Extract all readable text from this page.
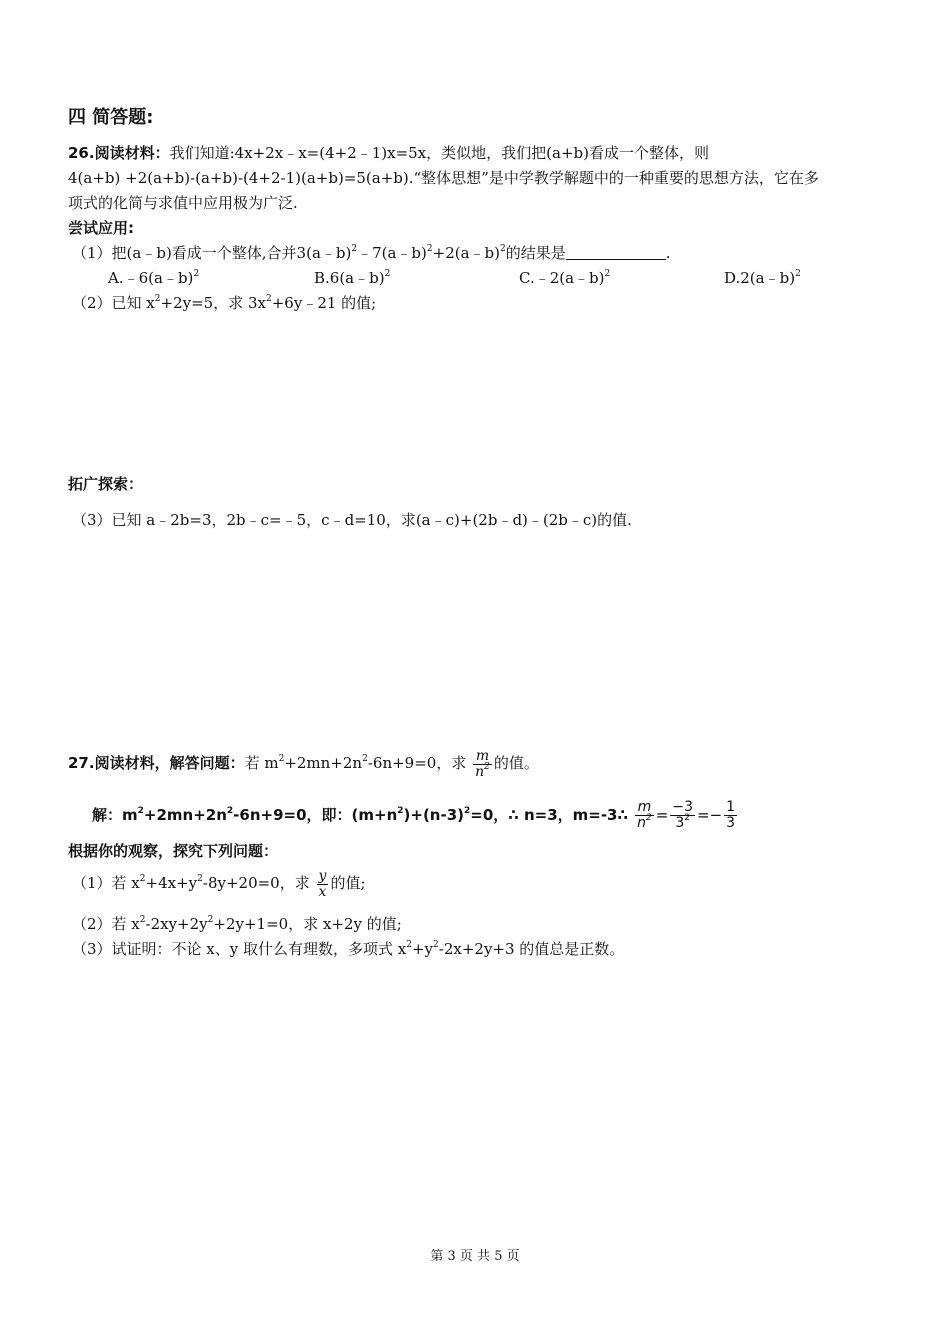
四 简答题:
26.阅读材料：我们知道:4x+2x﹣x=(4+2﹣1)x=5x，类似地，我们把(a+b)看成一个整体，则
4(a+b) +2(a+b)-(a+b)-(4+2-1)(a+b)=5(a+b).“整体思想”是中学教学解题中的一种重要的思想方法，它在多
项式的化简与求值中应用极为广泛.
尝试应用:
（1）把(a﹣b)看成一个整体,合并3(a﹣b)$^2$﹣7(a﹣b)$^2$+2(a﹣b)$^2$的结果是	.
A.﹣6(a﹣b)$^2$	B.6(a﹣b)$^2$	C.﹣2(a﹣b)$^2$	D.2(a﹣b)$^2$
（2）已知 $x^2+2y=5$，求 $3x^2+6y﹣21$ 的值;
拓广探索：
（3）已知 a﹣2b=3，2b﹣c=﹣5，c﹣d=10，求(a﹣c)+(2b﹣d)﹣(2b﹣c)的值.
27.阅读材料，解答问题：若 $m^2+2mn+2n^2-6n+9=0$，求 $\frac{m}{n^2}$ 的值。
解：$m^2+2mn+2n^2-6n+9=0$，即：$(m+n^2)+(n-3)^2=0$，∴ n=3，m=-3∴ $\frac{m}{n^2} = \frac{-3}{3^2} =- \frac{1}{3}$
根据你的观察，探究下列问题：
（1）若 $x^2+4x+y^2-8y+20=0$，求 $\frac{y}{x}$ 的值;
（2）若 $x^2-2xy+2y^2+2y+1=0$，求 x+2y 的值;
（3）试证明：不论 x、y 取什么有理数，多项式 $x^2+y^2-2x+2y+3$ 的值总是正数。
第 3 页 共 5 页
